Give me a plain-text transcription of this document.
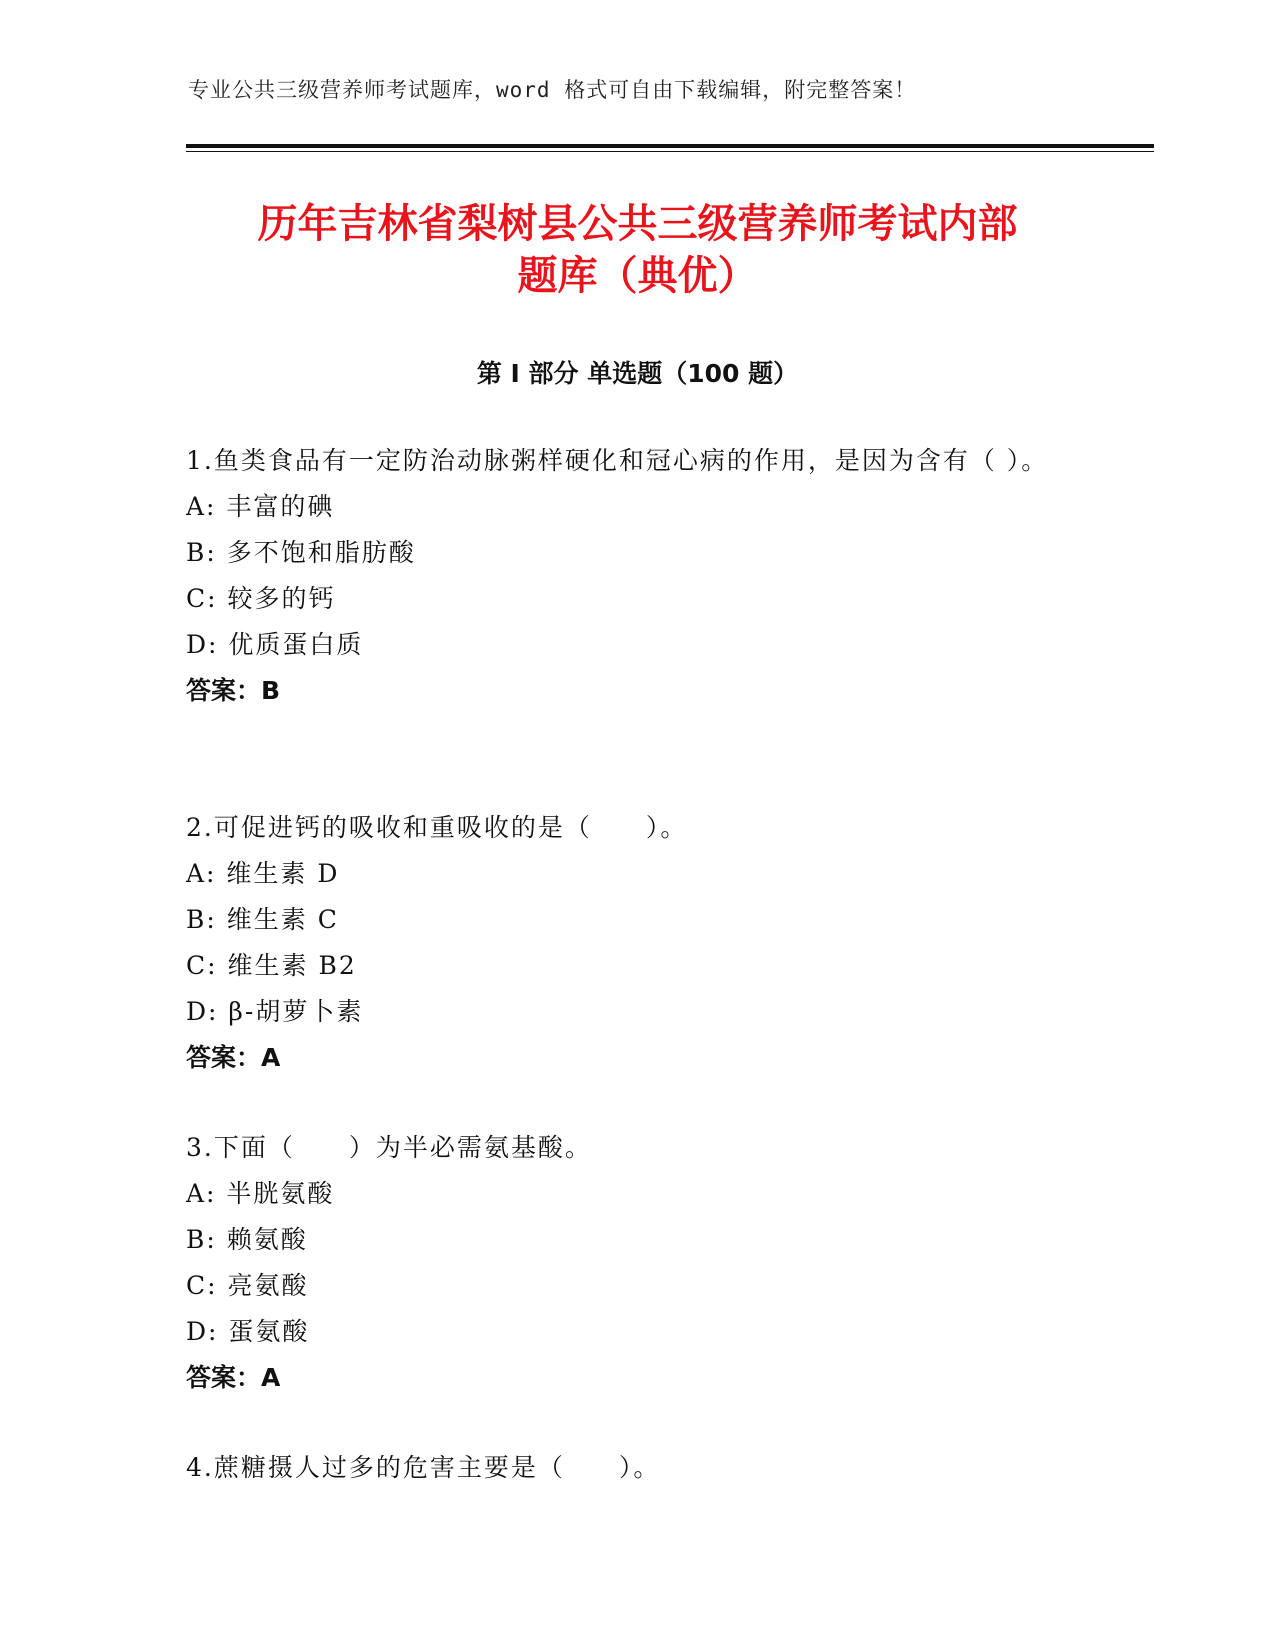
专业公共三级营养师考试题库，word 格式可自由下载编辑，附完整答案！
历年吉林省梨树县公共三级营养师考试内部
题库（典优）
第 I 部分 单选题（100 题）

1.鱼类食品有一定防治动脉粥样硬化和冠心病的作用，是因为含有（ ）。

A: 丰富的碘

B: 多不饱和脂肪酸

C: 较多的钙

D: 优质蛋白质

答案：B

2.可促进钙的吸收和重吸收的是（　　）。

A: 维生素 D

B: 维生素 C

C: 维生素 B2

D: β-胡萝卜素

答案：A

3.下面（　　）为半必需氨基酸。

A: 半胱氨酸

B: 赖氨酸

C: 亮氨酸

D: 蛋氨酸

答案：A

4.蔗糖摄人过多的危害主要是（　　）。
